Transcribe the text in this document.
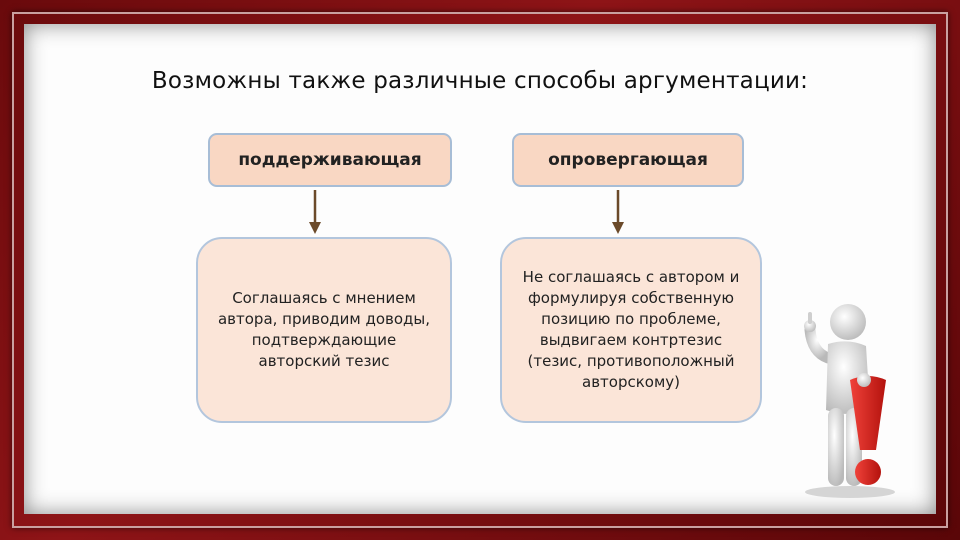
Возможны также различные способы аргументации:
поддерживающая	опровергающая
Соглашаясь с мнением автора, приводим доводы, подтверждающие авторский тезис
Не соглашаясь с автором и формулируя собственную позицию по проблеме, выдвигаем контртезис (тезис, противоположный авторскому)
